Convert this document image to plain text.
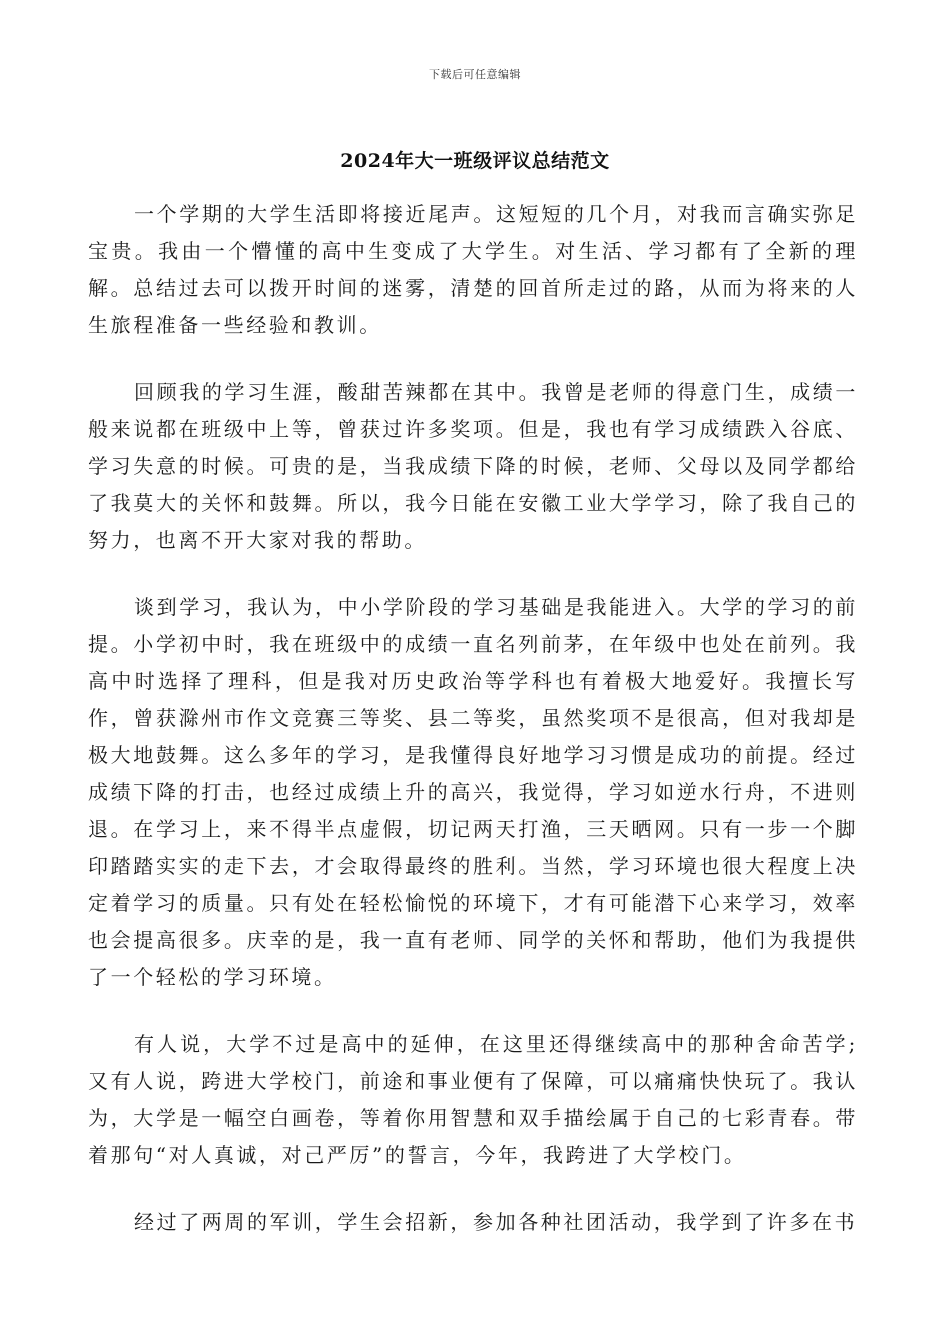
下载后可任意编辑
2024年大一班级评议总结范文

一个学期的大学生活即将接近尾声。这短短的几个月，对我而言确实弥足宝贵。我由一个懵懂的高中生变成了大学生。对生活、学习都有了全新的理解。总结过去可以拨开时间的迷雾，清楚的回首所走过的路，从而为将来的人生旅程准备一些经验和教训。

回顾我的学习生涯，酸甜苦辣都在其中。我曾是老师的得意门生，成绩一般来说都在班级中上等，曾获过许多奖项。但是，我也有学习成绩跌入谷底、学习失意的时候。可贵的是，当我成绩下降的时候，老师、父母以及同学都给了我莫大的关怀和鼓舞。所以，我今日能在安徽工业大学学习，除了我自己的努力，也离不开大家对我的帮助。

谈到学习，我认为，中小学阶段的学习基础是我能进入。大学的学习的前提。小学初中时，我在班级中的成绩一直名列前茅，在年级中也处在前列。我高中时选择了理科，但是我对历史政治等学科也有着极大地爱好。我擅长写作，曾获滁州市作文竞赛三等奖、县二等奖，虽然奖项不是很高，但对我却是极大地鼓舞。这么多年的学习，是我懂得良好地学习习惯是成功的前提。经过成绩下降的打击，也经过成绩上升的高兴，我觉得，学习如逆水行舟，不进则退。在学习上，来不得半点虚假，切记两天打渔，三天晒网。只有一步一个脚印踏踏实实的走下去，才会取得最终的胜利。当然，学习环境也很大程度上决定着学习的质量。只有处在轻松愉悦的环境下，才有可能潜下心来学习，效率也会提高很多。庆幸的是，我一直有老师、同学的关怀和帮助，他们为我提供了一个轻松的学习环境。

有人说，大学不过是高中的延伸，在这里还得继续高中的那种舍命苦学;又有人说，跨进大学校门，前途和事业便有了保障，可以痛痛快快玩了。我认为，大学是一幅空白画卷，等着你用智慧和双手描绘属于自己的七彩青春。带着那句“对人真诚，对己严厉”的誓言，今年，我跨进了大学校门。

经过了两周的军训，学生会招新，参加各种社团活动，我学到了许多在书
